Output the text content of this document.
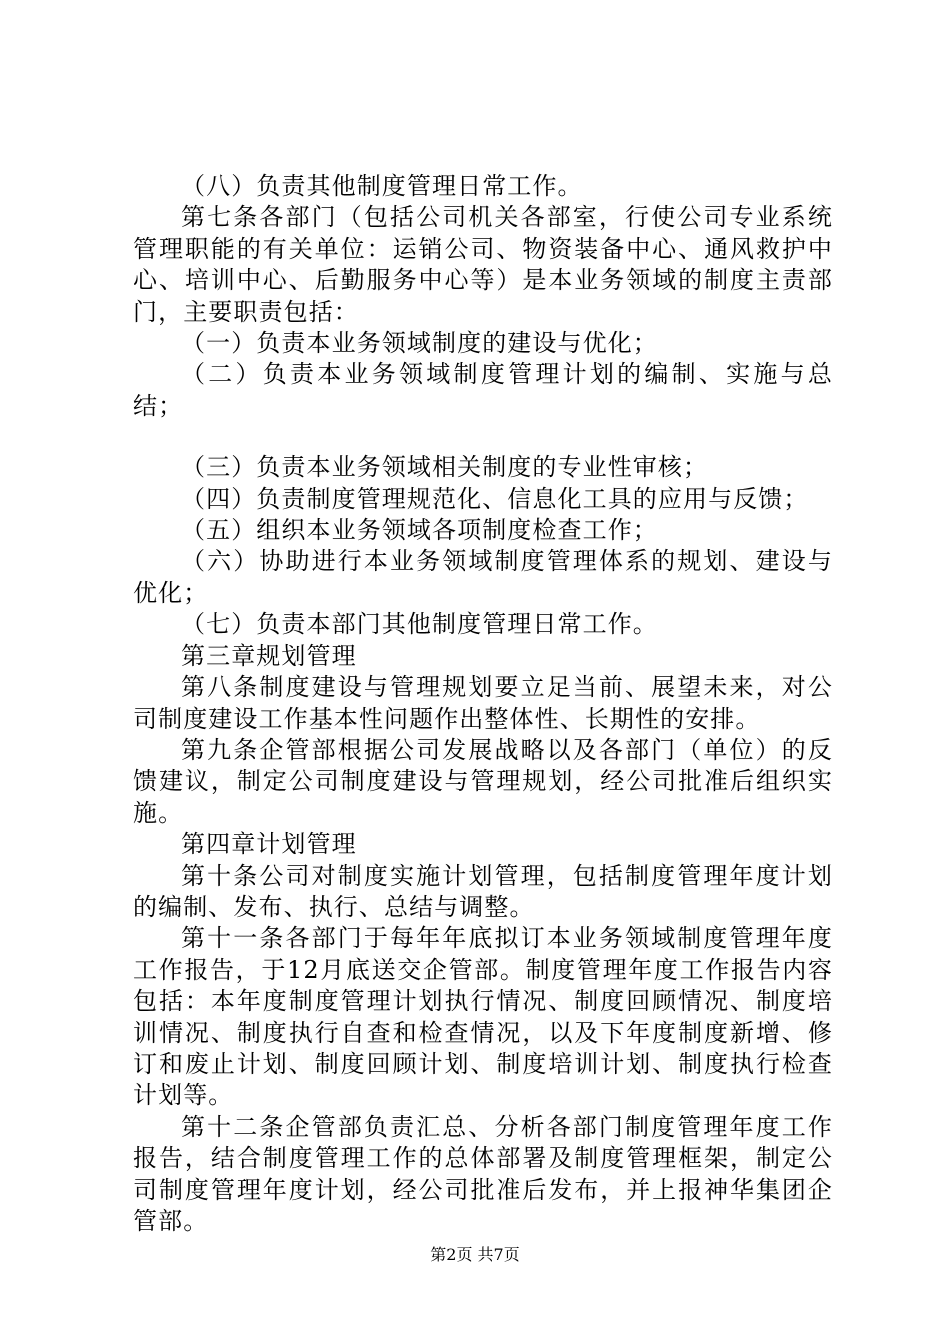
（八）负责其他制度管理日常工作。

第七条各部门（包括公司机关各部室，行使公司专业系统管理职能的有关单位：运销公司、物资装备中心、通风救护中心、培训中心、后勤服务中心等）是本业务领域的制度主责部门，主要职责包括：

（一）负责本业务领域制度的建设与优化；

（二）负责本业务领域制度管理计划的编制、实施与总结；

（三）负责本业务领域相关制度的专业性审核；

（四）负责制度管理规范化、信息化工具的应用与反馈；

（五）组织本业务领域各项制度检查工作；

（六）协助进行本业务领域制度管理体系的规划、建设与优化；

（七）负责本部门其他制度管理日常工作。

第三章规划管理

第八条制度建设与管理规划要立足当前、展望未来，对公司制度建设工作基本性问题作出整体性、长期性的安排。

第九条企管部根据公司发展战略以及各部门（单位）的反馈建议，制定公司制度建设与管理规划，经公司批准后组织实施。

第四章计划管理

第十条公司对制度实施计划管理，包括制度管理年度计划的编制、发布、执行、总结与调整。

第十一条各部门于每年年底拟订本业务领域制度管理年度工作报告，于12月底送交企管部。制度管理年度工作报告内容包括：本年度制度管理计划执行情况、制度回顾情况、制度培训情况、制度执行自查和检查情况，以及下年度制度新增、修订和废止计划、制度回顾计划、制度培训计划、制度执行检查计划等。

第十二条企管部负责汇总、分析各部门制度管理年度工作报告，结合制度管理工作的总体部署及制度管理框架，制定公司制度管理年度计划，经公司批准后发布，并上报神华集团企管部。

第2页 共7页
